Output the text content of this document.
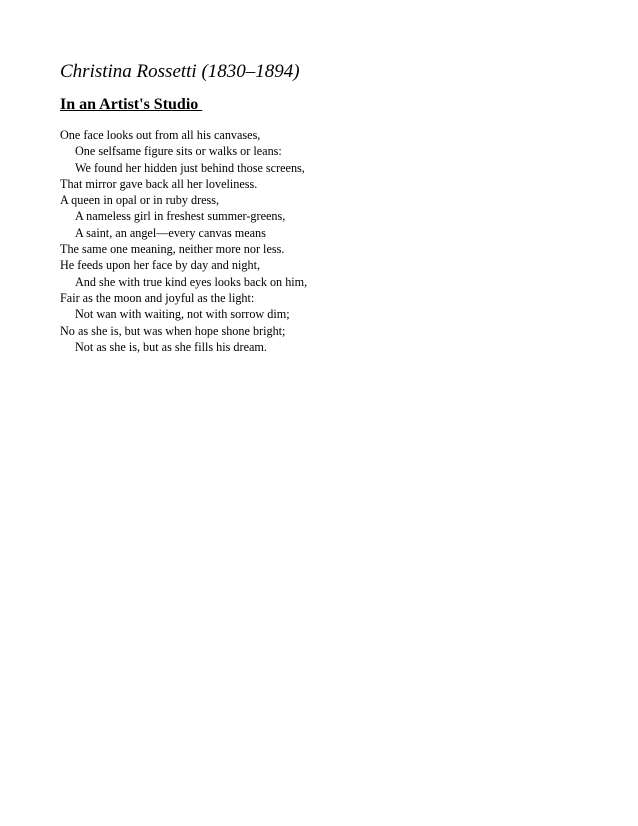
Christina Rossetti (1830–1894)
In an Artist's Studio
One face looks out from all his canvases,
One selfsame figure sits or walks or leans:
We found her hidden just behind those screens,
That mirror gave back all her loveliness.
A queen in opal or in ruby dress,
A nameless girl in freshest summer-greens,
A saint, an angel—every canvas means
The same one meaning, neither more nor less.
He feeds upon her face by day and night,
And she with true kind eyes looks back on him,
Fair as the moon and joyful as the light:
Not wan with waiting, not with sorrow dim;
No as she is, but was when hope shone bright;
Not as she is, but as she fills his dream.
